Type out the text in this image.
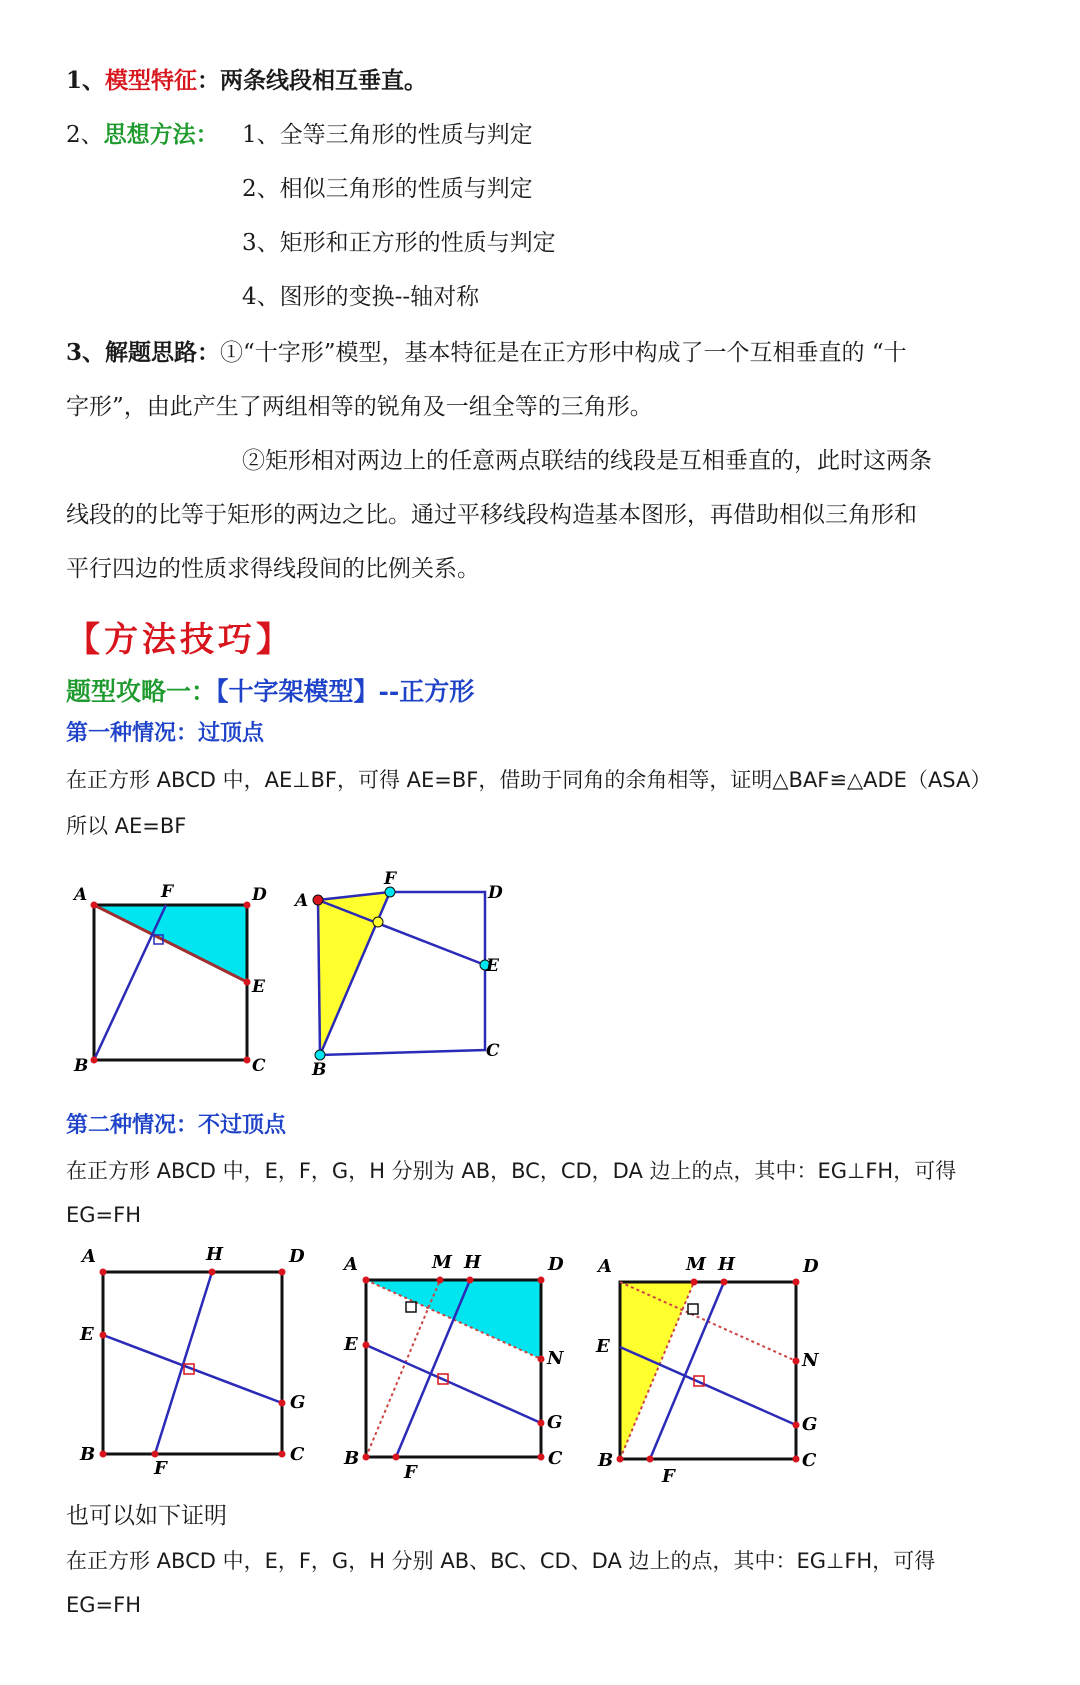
1、模型特征：两条线段相互垂直。
2、思想方法： 1、全等三角形的性质与判定
2、相似三角形的性质与判定
3、矩形和正方形的性质与判定
4、图形的变换--轴对称
3、解题思路：①“十字形”模型，基本特征是在正方形中构成了一个互相垂直的 “十
字形”，由此产生了两组相等的锐角及一组全等的三角形。
②矩形相对两边上的任意两点联结的线段是互相垂直的，此时这两条
线段的的比等于矩形的两边之比。通过平移线段构造基本图形，再借助相似三角形和
平行四边的性质求得线段间的比例关系。
【方法技巧】
题型攻略一：【十字架模型】--正方形
第一种情况：过顶点
在正方形 ABCD 中，AE⊥BF，可得 AE=BF，借助于同角的余角相等，证明△BAF≌△ADE（ASA）
所以 AE=BF
A	F	D
E
B	C
A
F
D
E
B
C
第二种情况：不过顶点
在正方形 ABCD 中，E，F，G，H 分别为 AB，BC，CD，DA 边上的点，其中：EG⊥FH，可得
EG=FH
A	H	D
E
G
B
F
C
A	M H	D
E
N
G
B
F
C
A	M H	D
E
N
G
B
F
C
也可以如下证明
在正方形 ABCD 中，E，F，G，H 分别 AB、BC、CD、DA 边上的点，其中：EG⊥FH，可得
EG=FH
